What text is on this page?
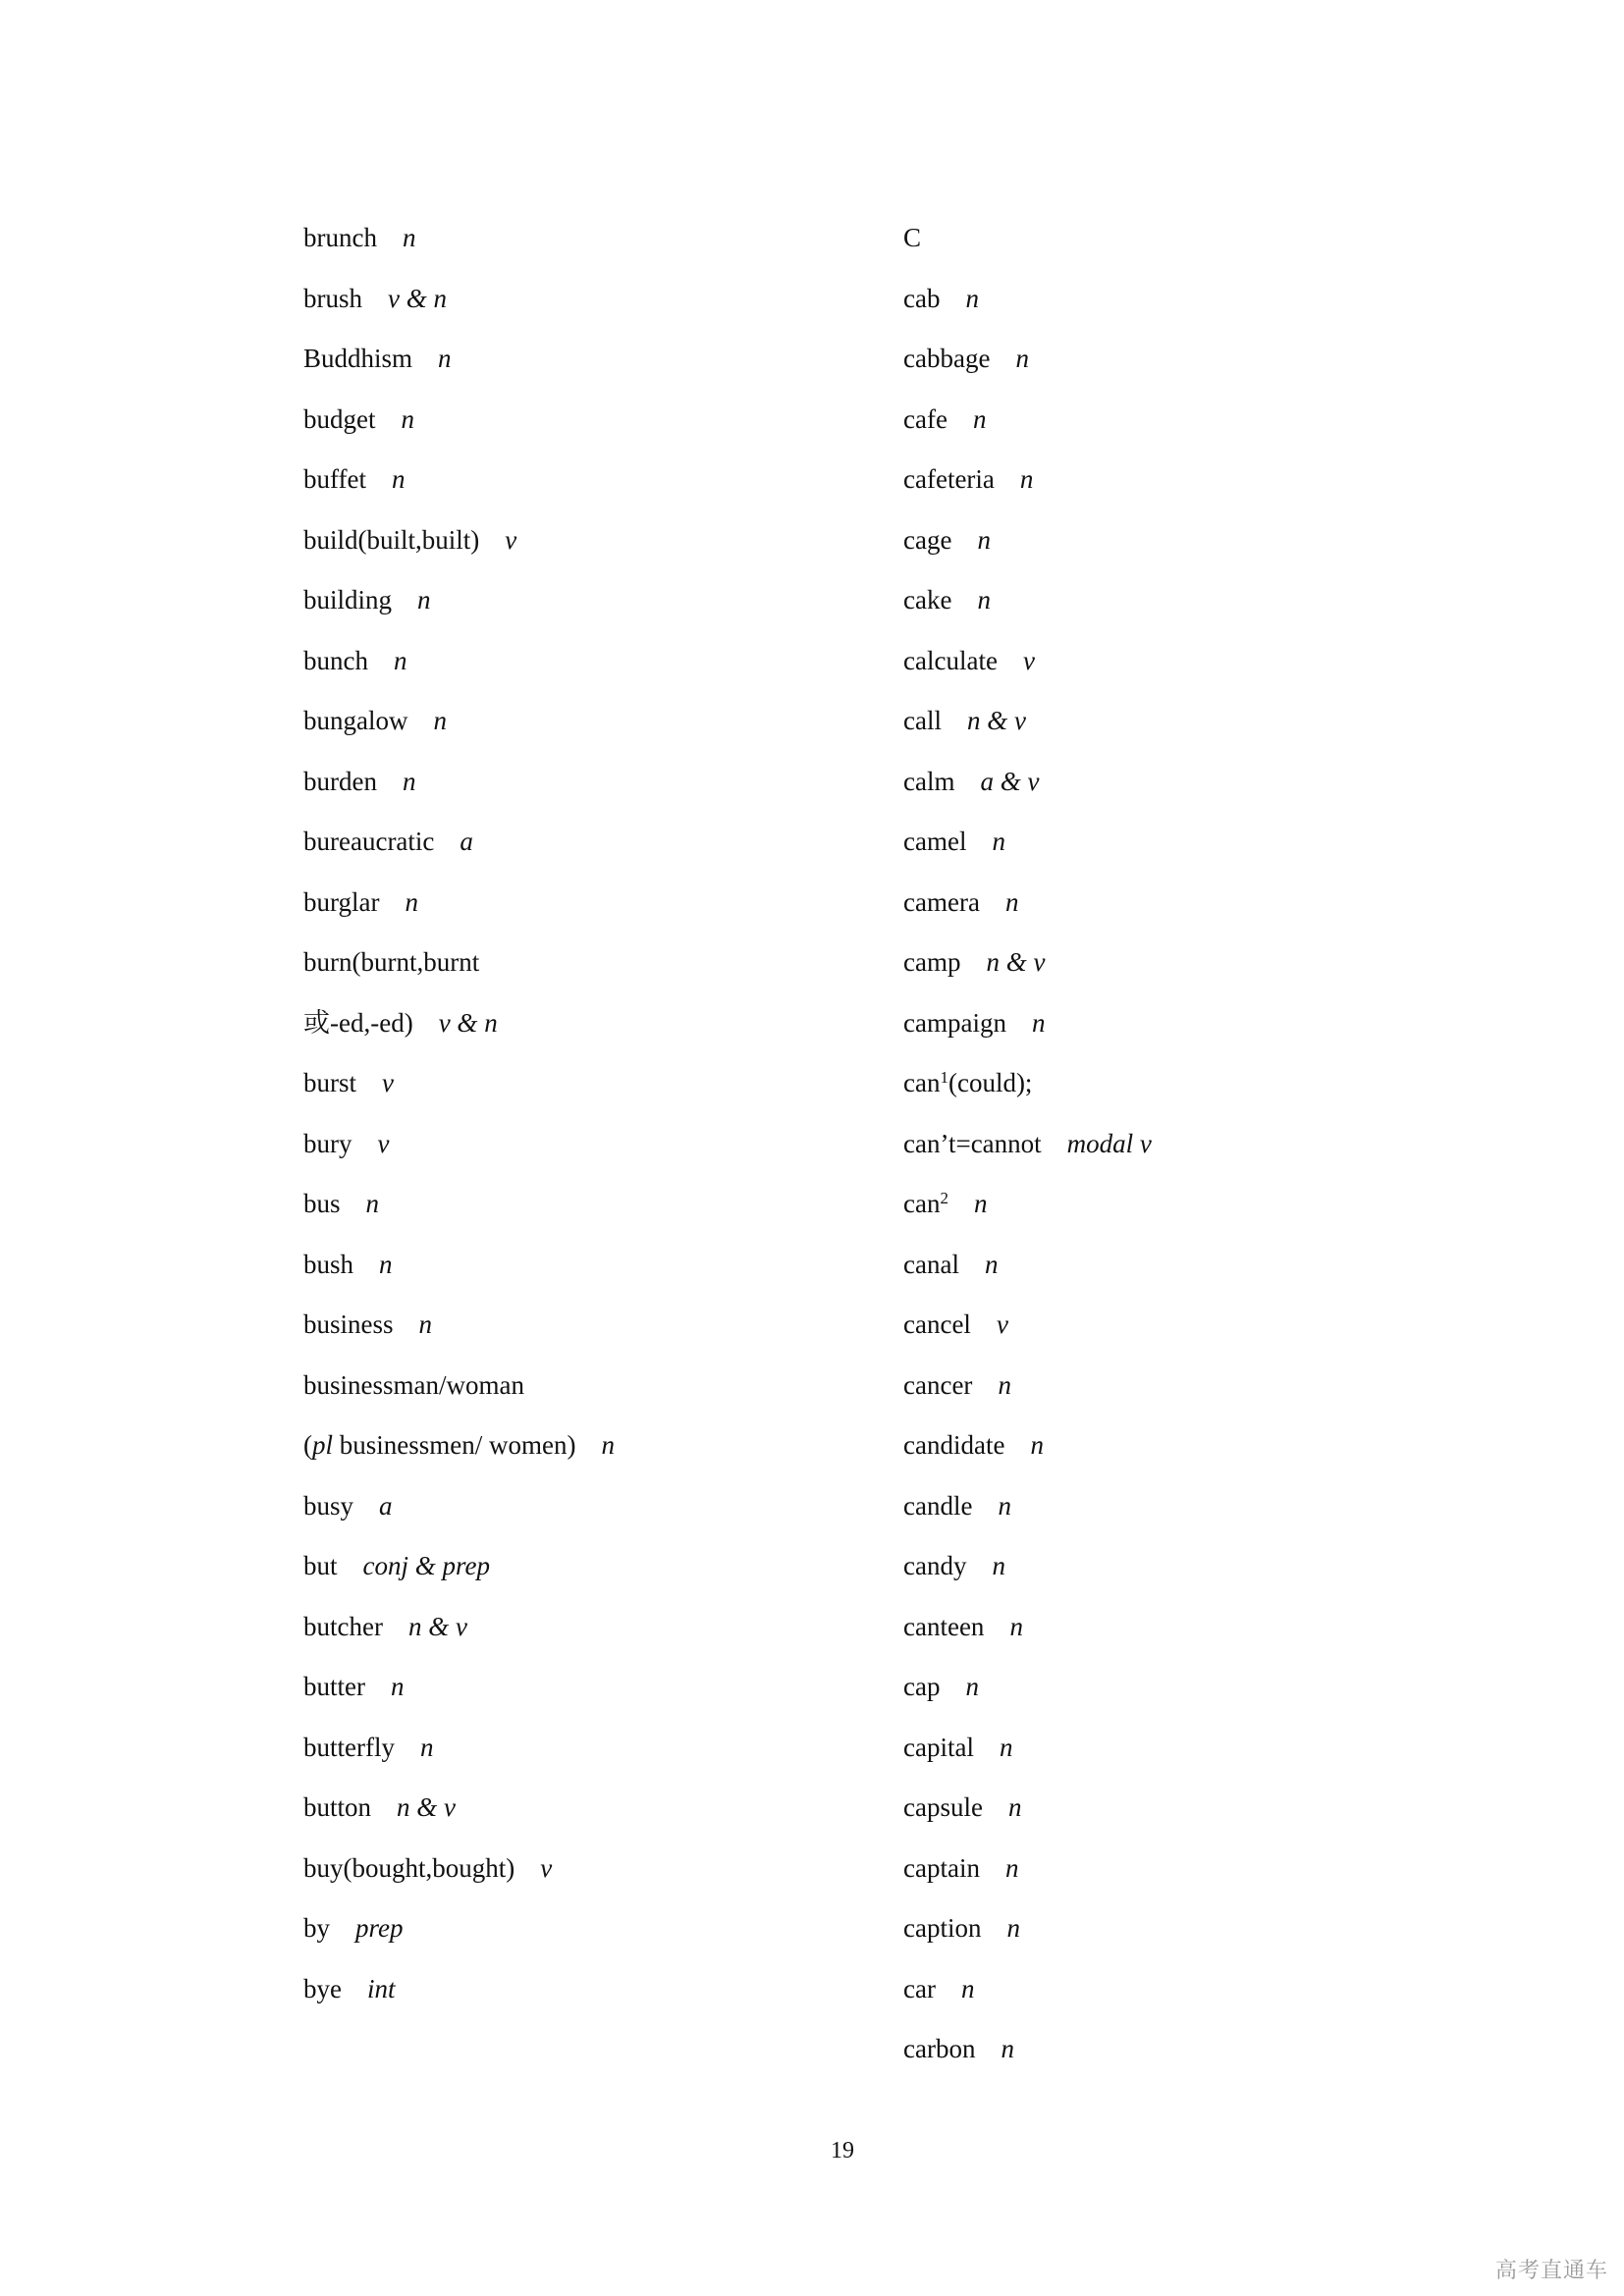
brunch n
brush v & n
Buddhism n
budget n
buffet n
build(built,built) v
building n
bunch n
bungalow n
burden n
bureaucratic a
burglar n
burn(burnt,burnt
或-ed,-ed) v & n
burst v
bury v
bus n
bush n
business n
businessman/woman
(pl businessmen/ women) n
busy a
but conj & prep
butcher n & v
butter n
butterfly n
button n & v
buy(bought,bought) v
by prep
bye int
C
cab n
cabbage n
cafe n
cafeteria n
cage n
cake n
calculate v
call n & v
calm a & v
camel n
camera n
camp n & v
campaign n
can$^1$(could);
can’t=cannot modal v
can$^2$ n
canal n
cancel v
cancer n
candidate n
candle n
candy n
canteen n
cap n
capital n
capsule n
captain n
caption n
car n
carbon n
19
高考直通车
